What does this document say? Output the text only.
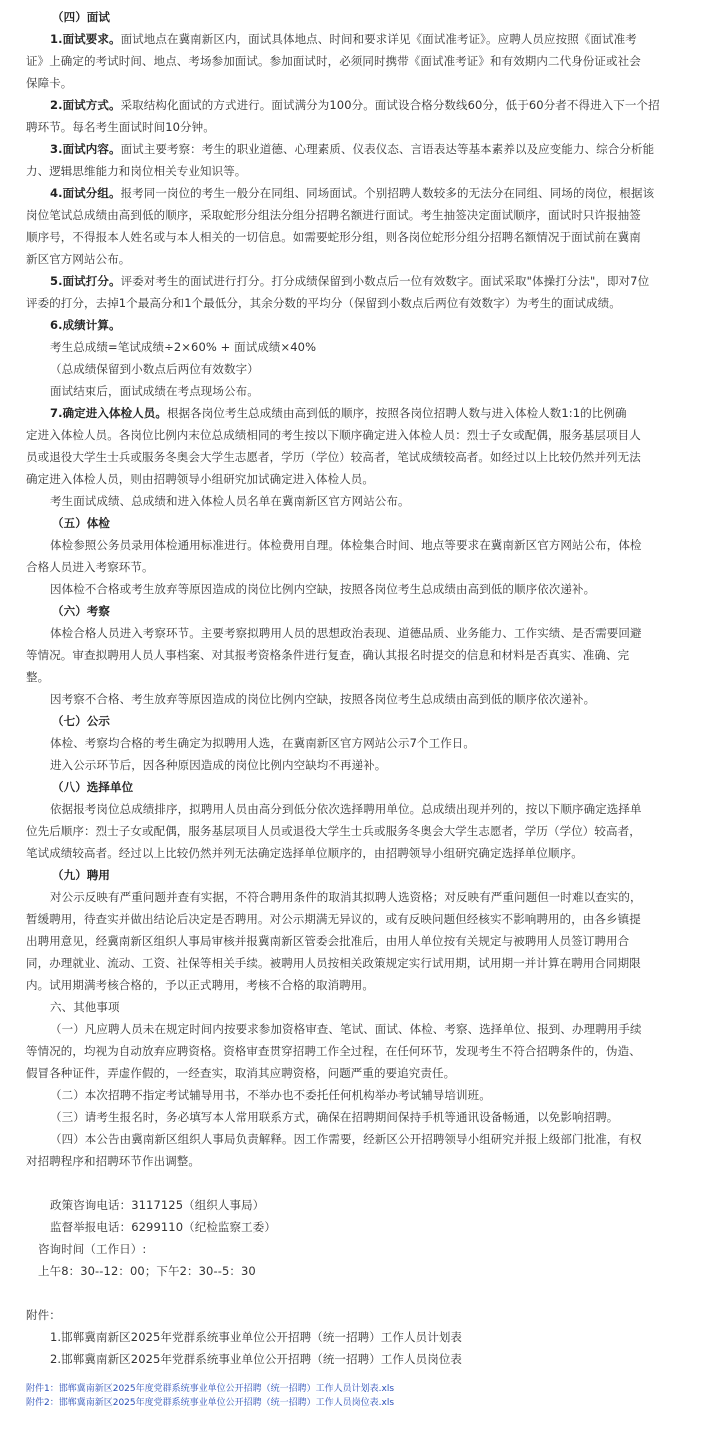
（四）面试
1.面试要求。面试地点在冀南新区内，面试具体地点、时间和要求详见《面试准考证》。应聘人员应按照《面试准考
证》上确定的考试时间、地点、考场参加面试。参加面试时，必须同时携带《面试准考证》和有效期内二代身份证或社会
保障卡。
2.面试方式。采取结构化面试的方式进行。面试满分为100分。面试设合格分数线60分，低于60分者不得进入下一个招
聘环节。每名考生面试时间10分钟。
3.面试内容。面试主要考察：考生的职业道德、心理素质、仪表仪态、言语表达等基本素养以及应变能力、综合分析能
力、逻辑思维能力和岗位相关专业知识等。
4.面试分组。报考同一岗位的考生一般分在同组、同场面试。个别招聘人数较多的无法分在同组、同场的岗位，根据该
岗位笔试总成绩由高到低的顺序，采取蛇形分组法分组分招聘名额进行面试。考生抽签决定面试顺序，面试时只许报抽签
顺序号，不得报本人姓名或与本人相关的一切信息。如需要蛇形分组，则各岗位蛇形分组分招聘名额情况于面试前在冀南
新区官方网站公布。
5.面试打分。评委对考生的面试进行打分。打分成绩保留到小数点后一位有效数字。面试采取"体操打分法"，即对7位
评委的打分，去掉1个最高分和1个最低分，其余分数的平均分（保留到小数点后两位有效数字）为考生的面试成绩。
6.成绩计算。
考生总成绩=笔试成绩÷2×60% + 面试成绩×40%
（总成绩保留到小数点后两位有效数字）
面试结束后，面试成绩在考点现场公布。
7.确定进入体检人员。根据各岗位考生总成绩由高到低的顺序，按照各岗位招聘人数与进入体检人数1:1的比例确
定进入体检人员。各岗位比例内末位总成绩相同的考生按以下顺序确定进入体检人员：烈士子女或配偶，服务基层项目人
员或退役大学生士兵或服务冬奥会大学生志愿者，学历（学位）较高者，笔试成绩较高者。如经过以上比较仍然并列无法
确定进入体检人员，则由招聘领导小组研究加试确定进入体检人员。
考生面试成绩、总成绩和进入体检人员名单在冀南新区官方网站公布。
（五）体检
体检参照公务员录用体检通用标准进行。体检费用自理。体检集合时间、地点等要求在冀南新区官方网站公布，体检
合格人员进入考察环节。
因体检不合格或考生放弃等原因造成的岗位比例内空缺，按照各岗位考生总成绩由高到低的顺序依次递补。
（六）考察
体检合格人员进入考察环节。主要考察拟聘用人员的思想政治表现、道德品质、业务能力、工作实绩、是否需要回避
等情况。审查拟聘用人员人事档案、对其报考资格条件进行复查，确认其报名时提交的信息和材料是否真实、准确、完
整。
因考察不合格、考生放弃等原因造成的岗位比例内空缺，按照各岗位考生总成绩由高到低的顺序依次递补。
（七）公示
体检、考察均合格的考生确定为拟聘用人选，在冀南新区官方网站公示7个工作日。
进入公示环节后，因各种原因造成的岗位比例内空缺均不再递补。
（八）选择单位
依据报考岗位总成绩排序，拟聘用人员由高分到低分依次选择聘用单位。总成绩出现并列的，按以下顺序确定选择单
位先后顺序：烈士子女或配偶，服务基层项目人员或退役大学生士兵或服务冬奥会大学生志愿者，学历（学位）较高者，
笔试成绩较高者。经过以上比较仍然并列无法确定选择单位顺序的，由招聘领导小组研究确定选择单位顺序。
（九）聘用
对公示反映有严重问题并查有实据，不符合聘用条件的取消其拟聘人选资格；对反映有严重问题但一时难以查实的，
暂缓聘用，待查实并做出结论后决定是否聘用。对公示期满无异议的，或有反映问题但经核实不影响聘用的，由各乡镇提
出聘用意见，经冀南新区组织人事局审核并报冀南新区管委会批准后，由用人单位按有关规定与被聘用人员签订聘用合
同，办理就业、流动、工资、社保等相关手续。被聘用人员按相关政策规定实行试用期，试用期一并计算在聘用合同期限
内。试用期满考核合格的，予以正式聘用，考核不合格的取消聘用。
六、其他事项
（一）凡应聘人员未在规定时间内按要求参加资格审查、笔试、面试、体检、考察、选择单位、报到、办理聘用手续
等情况的，均视为自动放弃应聘资格。资格审查贯穿招聘工作全过程，在任何环节，发现考生不符合招聘条件的，伪造、
假冒各种证件，弄虚作假的，一经查实，取消其应聘资格，问题严重的要追究责任。
（二）本次招聘不指定考试辅导用书，不举办也不委托任何机构举办考试辅导培训班。
（三）请考生报名时，务必填写本人常用联系方式，确保在招聘期间保持手机等通讯设备畅通，以免影响招聘。
（四）本公告由冀南新区组织人事局负责解释。因工作需要，经新区公开招聘领导小组研究并报上级部门批准，有权
对招聘程序和招聘环节作出调整。
政策咨询电话：3117125（组织人事局）
监督举报电话：6299110（纪检监察工委）
咨询时间（工作日）:
上午8：30--12：00；下午2：30--5：30
附件：
1.邯郸冀南新区2025年党群系统事业单位公开招聘（统一招聘）工作人员计划表
2.邯郸冀南新区2025年党群系统事业单位公开招聘（统一招聘）工作人员岗位表
附件1：邯郸冀南新区2025年度党群系统事业单位公开招聘（统一招聘）工作人员计划表.xls
附件2：邯郸冀南新区2025年度党群系统事业单位公开招聘（统一招聘）工作人员岗位表.xls
